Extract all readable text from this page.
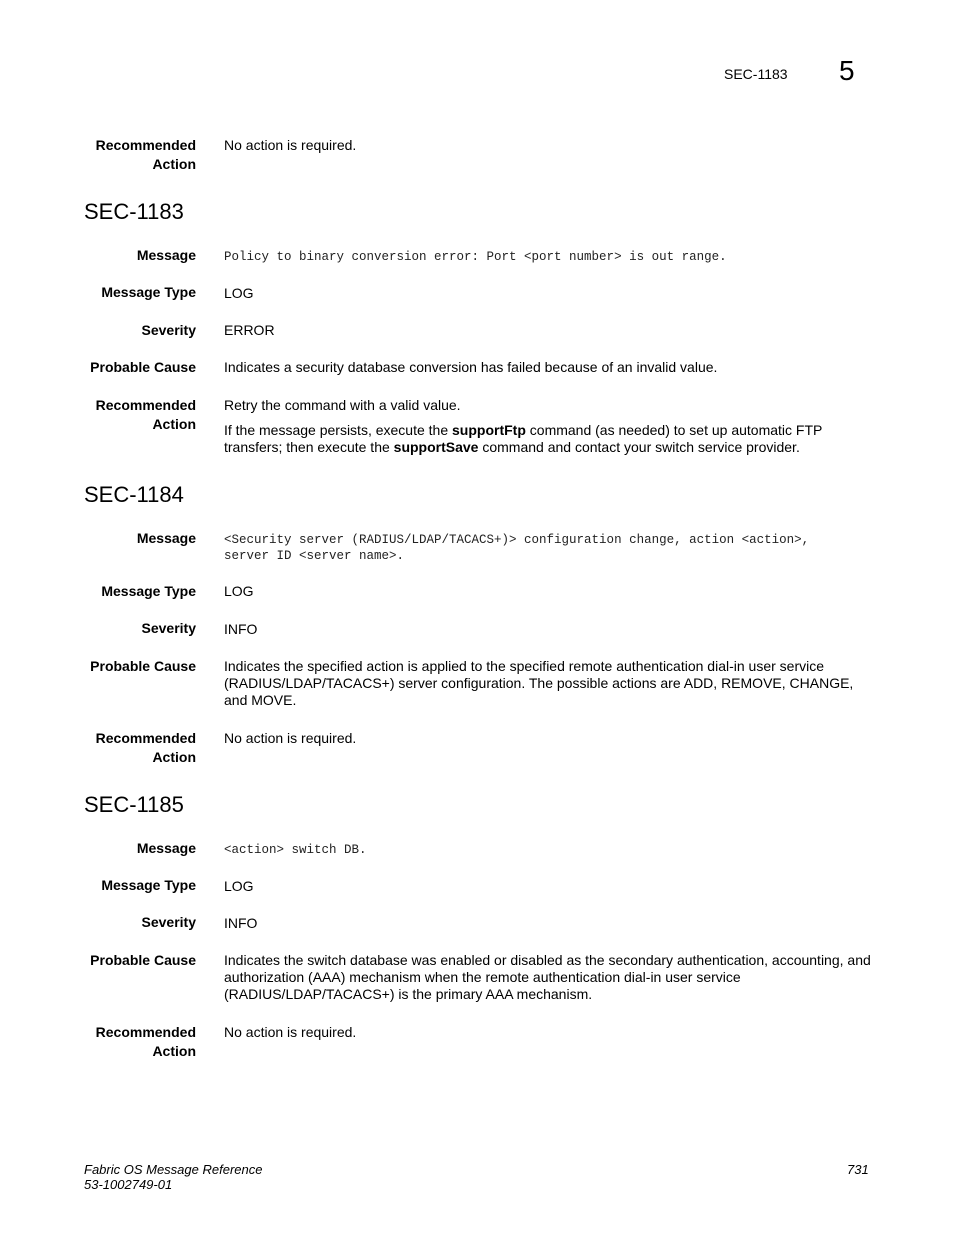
SEC-1183 5
Recommended
Action
No action is required.
SEC-1183
Message Policy to binary conversion error: Port <port number> is out range.
Message Type LOG
Severity ERROR
Probable Cause Indicates a security database conversion has failed because of an invalid value.
Recommended
Action
Retry the command with a valid value.
If the message persists, execute the supportFtp command (as needed) to set up automatic FTP transfers; then execute the supportSave command and contact your switch service provider.
SEC-1184
Message <Security server (RADIUS/LDAP/TACACS+)> configuration change, action <action>, server ID <server name>.
Message Type LOG
Severity INFO
Probable Cause Indicates the specified action is applied to the specified remote authentication dial-in user service (RADIUS/LDAP/TACACS+) server configuration. The possible actions are ADD, REMOVE, CHANGE, and MOVE.
Recommended
Action
No action is required.
SEC-1185
Message <action> switch DB.
Message Type LOG
Severity INFO
Probable Cause Indicates the switch database was enabled or disabled as the secondary authentication, accounting, and authorization (AAA) mechanism when the remote authentication dial-in user service (RADIUS/LDAP/TACACS+) is the primary AAA mechanism.
Recommended
Action
No action is required.
Fabric OS Message Reference
53-1002749-01
731
